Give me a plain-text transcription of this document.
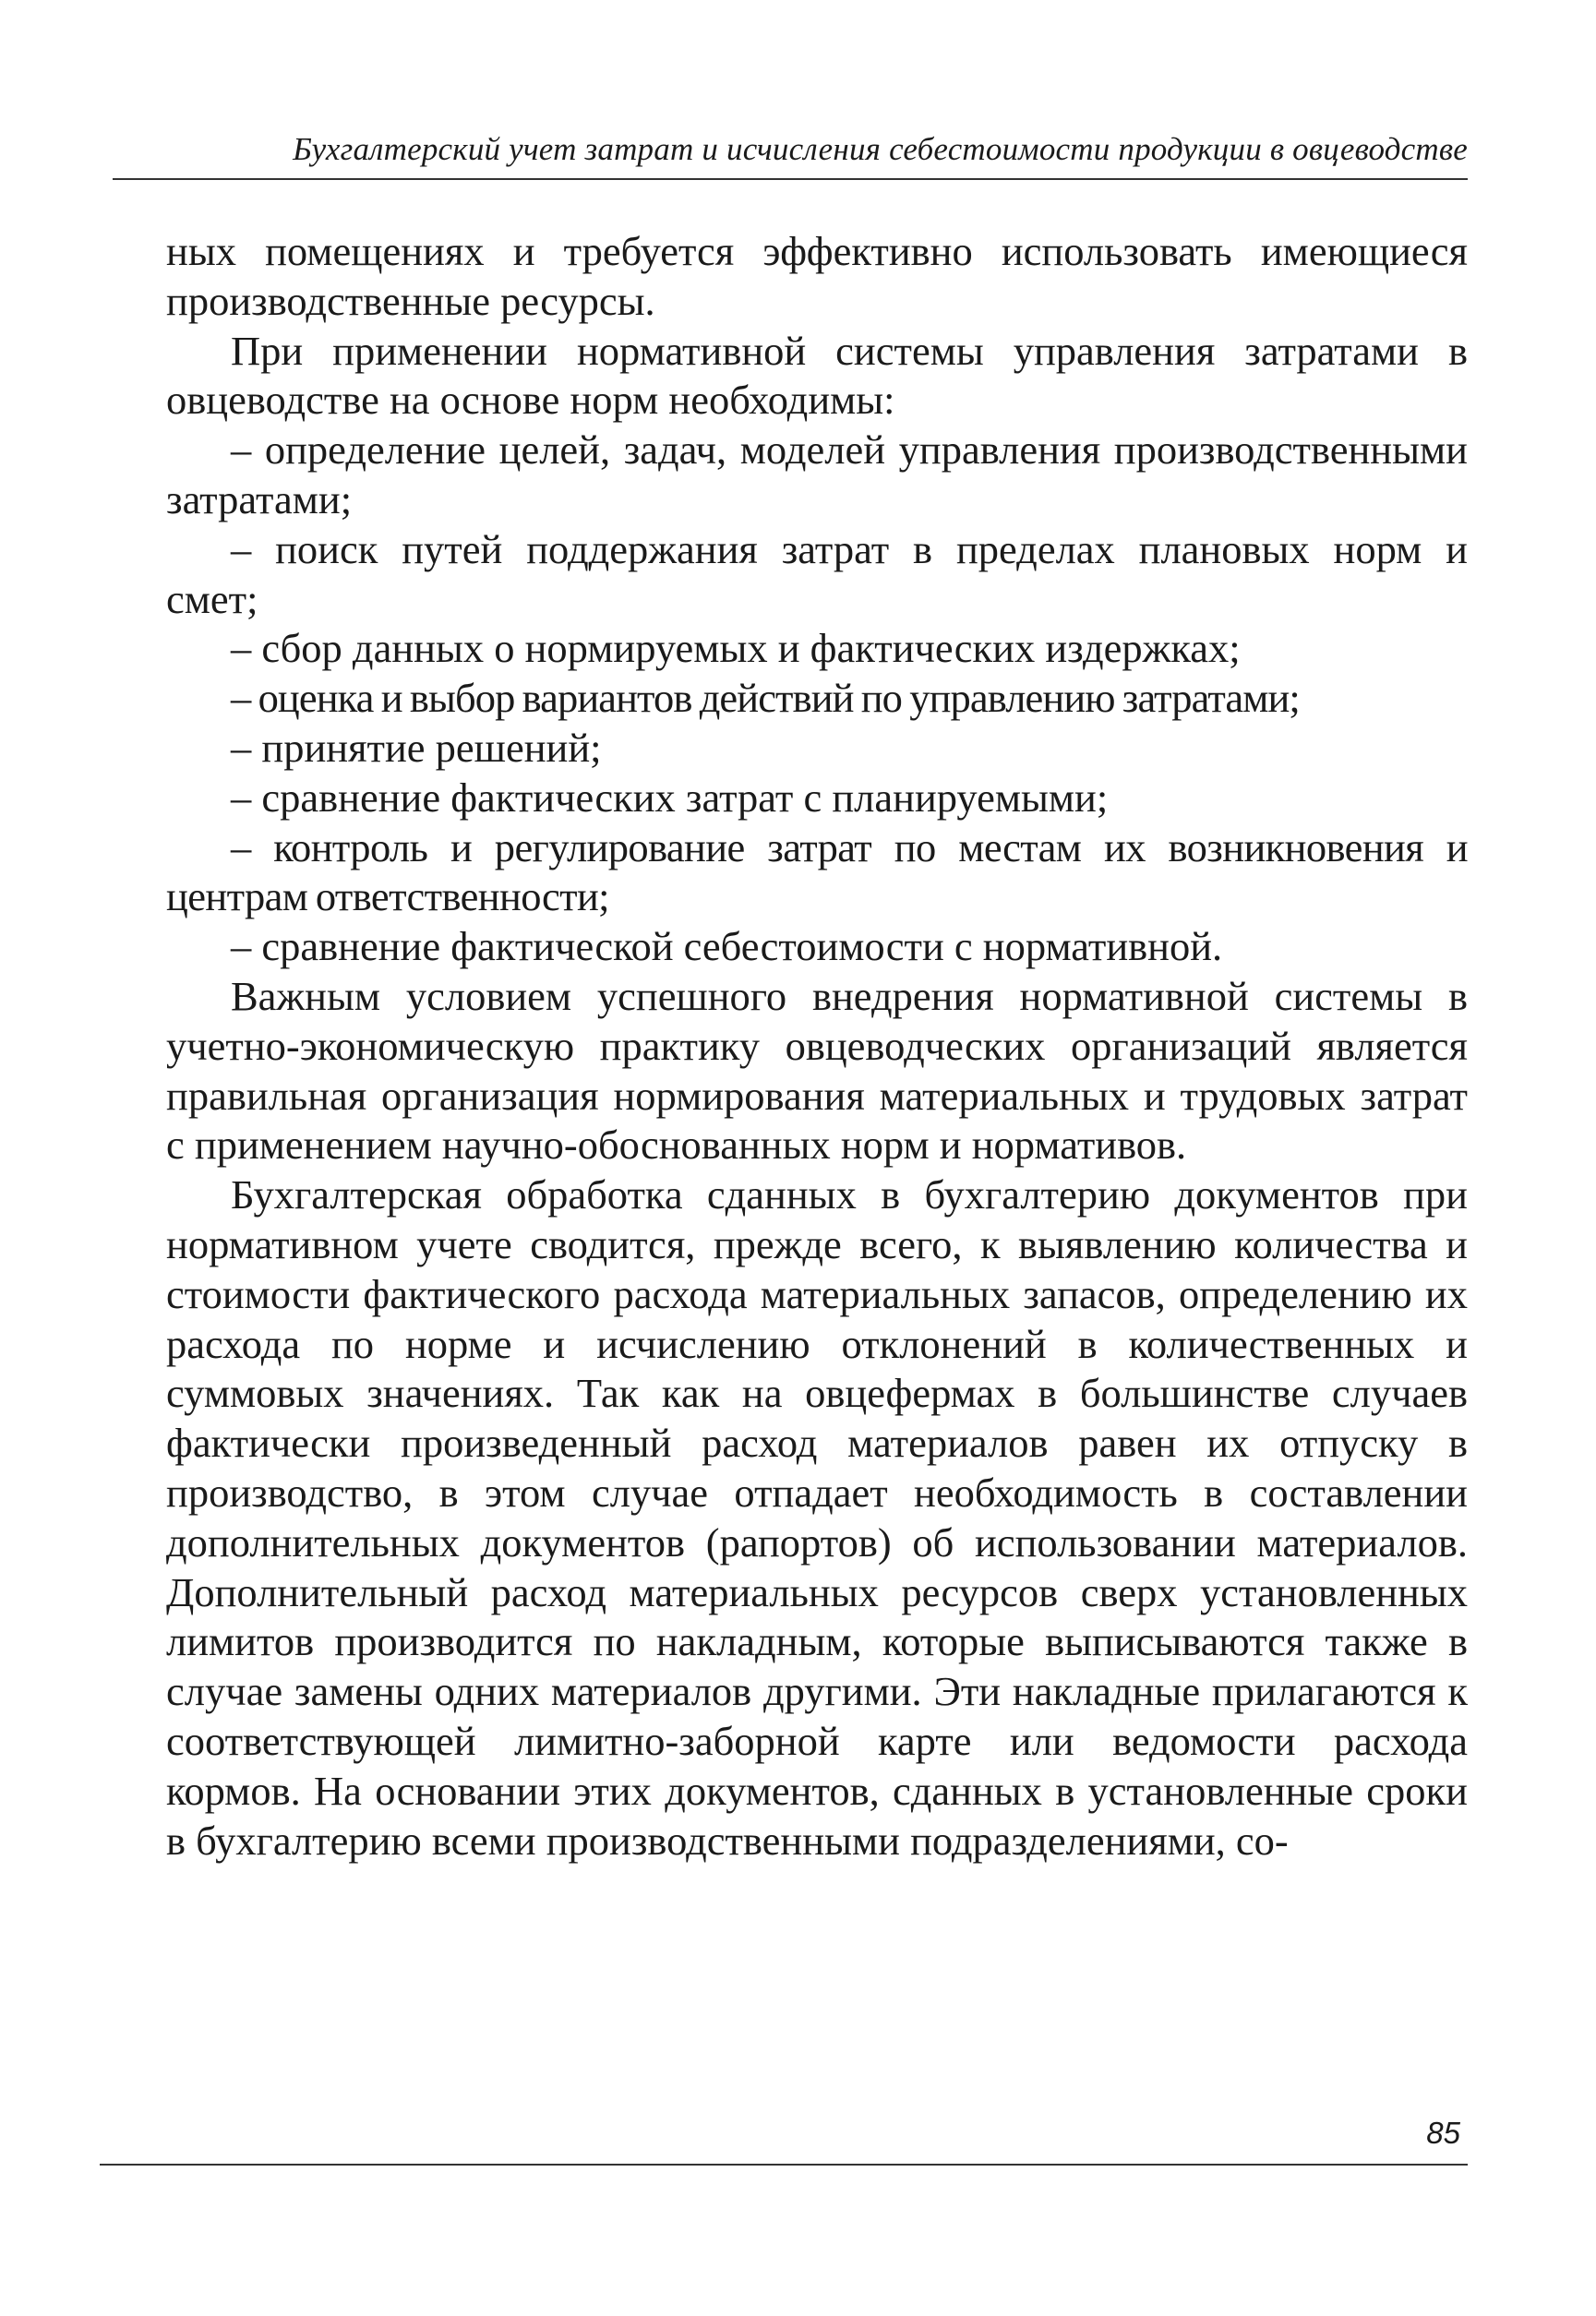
Бухгалтерский учет затрат и исчисления себестоимости продукции в овцеводстве

ных помещениях и требуется эффективно использовать имеющиеся производственные ресурсы.

При применении нормативной системы управления затратами в овцеводстве на основе норм необходимы:

– определение целей, задач, моделей управления производственными затратами;

– поиск путей поддержания затрат в пределах плановых норм и смет;

– сбор данных о нормируемых и фактических издержках;

– оценка и выбор вариантов действий по управлению затратами;

– принятие решений;

– сравнение фактических затрат с планируемыми;

– контроль и регулирование затрат по местам их возникновения и центрам ответственности;

– сравнение фактической себестоимости с нормативной.

Важным условием успешного внедрения нормативной системы в учетно-экономическую практику овцеводческих организаций является правильная организация нормирования материальных и трудовых затрат с применением научно-обоснованных норм и нормативов.

Бухгалтерская обработка сданных в бухгалтерию документов при нормативном учете сводится, прежде всего, к выявлению количества и стоимости фактического расхода материальных запасов, определению их расхода по норме и исчислению отклонений в количественных и суммовых значениях. Так как на овцефермах в большинстве случаев фактически произведенный расход материалов равен их отпуску в производство, в этом случае отпадает необходимость в составлении дополнительных документов (рапортов) об использовании материалов. Дополнительный расход материальных ресурсов сверх установленных лимитов производится по накладным, которые выписываются также в случае замены одних материалов другими. Эти накладные прилагаются к соответствующей лимитно-заборной карте или ведомости расхода кормов. На основании этих документов, сданных в установленные сроки в бухгалтерию всеми производственными подразделениями, со-

85
